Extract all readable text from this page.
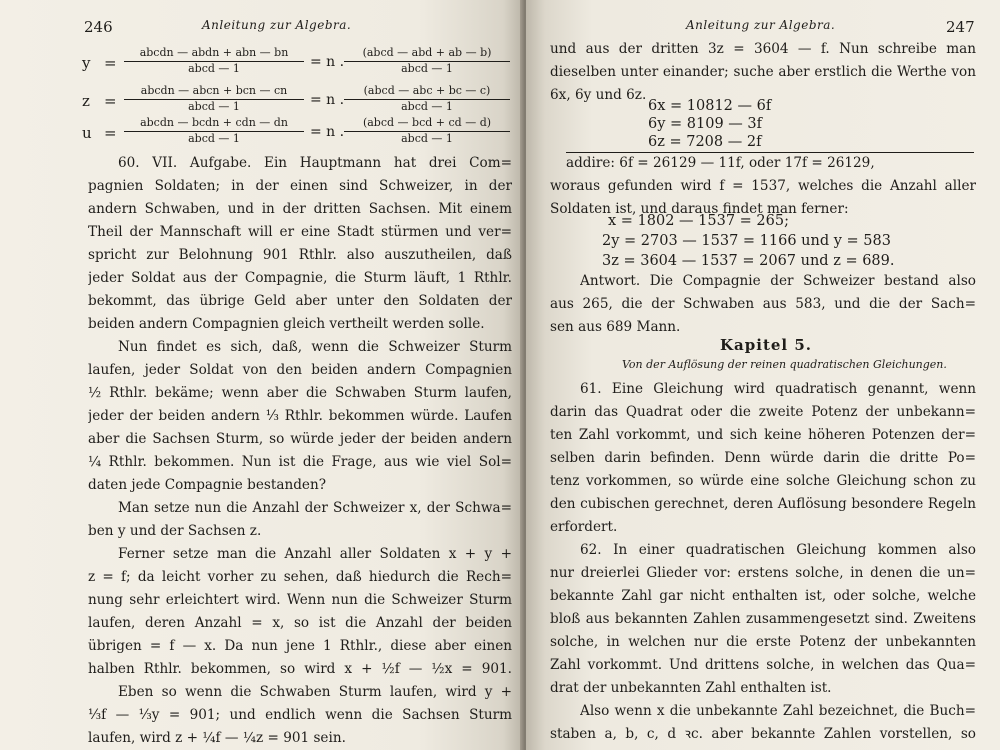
246	Anleitung zur Algebra.
y =
abcdn — abdn + abn — bn
abcd — 1	= n .
(abcd — abd + ab — b)
abcd — 1
z =
abcdn — abcn + bcn — cn
abcd — 1	= n .
(abcd — abc + bc — c)
abcd — 1
u =
abcdn — bcdn + cdn — dn
abcd — 1	= n .
(abcd — bcd + cd — d)
abcd — 1
60. VII. Aufgabe. Ein Hauptmann hat drei Com=
pagnien Soldaten; in der einen sind Schweizer, in der
andern Schwaben, und in der dritten Sachsen. Mit einem
Theil der Mannschaft will er eine Stadt stürmen und ver=
spricht zur Belohnung 901 Rthlr. also auszutheilen, daß
jeder Soldat aus der Compagnie, die Sturm läuft, 1 Rthlr.
bekommt, das übrige Geld aber unter den Soldaten der
beiden andern Compagnien gleich vertheilt werden solle.
Nun findet es sich, daß, wenn die Schweizer Sturm
laufen, jeder Soldat von den beiden andern Compagnien
½ Rthlr. bekäme; wenn aber die Schwaben Sturm laufen,
jeder der beiden andern ⅓ Rthlr. bekommen würde. Laufen
aber die Sachsen Sturm, so würde jeder der beiden andern
¼ Rthlr. bekommen. Nun ist die Frage, aus wie viel Sol=
daten jede Compagnie bestanden?
Man setze nun die Anzahl der Schweizer x, der Schwa=
ben y und der Sachsen z.
Ferner setze man die Anzahl aller Soldaten x + y +
z = f; da leicht vorher zu sehen, daß hiedurch die Rech=
nung sehr erleichtert wird. Wenn nun die Schweizer Sturm
laufen, deren Anzahl = x, so ist die Anzahl der beiden
übrigen = f — x. Da nun jene 1 Rthlr., diese aber einen
halben Rthlr. bekommen, so wird x + ½f — ½x = 901.
Eben so wenn die Schwaben Sturm laufen, wird y +
⅓f — ⅓y = 901; und endlich wenn die Sachsen Sturm
laufen, wird z + ¼f — ¼z = 901 sein.
Anleitung zur Algebra.	247
und aus der dritten 3z = 3604 — f. Nun schreibe man
dieselben unter einander; suche aber erstlich die Werthe von
6x, 6y und 6z.
6x = 10812 — 6f
6y = 8109 — 3f
6z = 7208 — 2f
addire: 6f = 26129 — 11f, oder 17f = 26129,
woraus gefunden wird f = 1537, welches die Anzahl aller
Soldaten ist, und daraus findet man ferner:
x = 1802 — 1537 = 265;
2y = 2703 — 1537 = 1166 und y = 583
3z = 3604 — 1537 = 2067 und z = 689.
Antwort. Die Compagnie der Schweizer bestand also
aus 265, die der Schwaben aus 583, und die der Sach=
sen aus 689 Mann.
Kapitel 5.
Von der Auflösung der reinen quadratischen Gleichungen.
61. Eine Gleichung wird quadratisch genannt, wenn
darin das Quadrat oder die zweite Potenz der unbekann=
ten Zahl vorkommt, und sich keine höheren Potenzen der=
selben darin befinden. Denn würde darin die dritte Po=
tenz vorkommen, so würde eine solche Gleichung schon zu
den cubischen gerechnet, deren Auflösung besondere Regeln
erfordert.
62. In einer quadratischen Gleichung kommen also
nur dreierlei Glieder vor: erstens solche, in denen die un=
bekannte Zahl gar nicht enthalten ist, oder solche, welche
bloß aus bekannten Zahlen zusammengesetzt sind. Zweitens
solche, in welchen nur die erste Potenz der unbekannten
Zahl vorkommt. Und drittens solche, in welchen das Qua=
drat der unbekannten Zahl enthalten ist.
Also wenn x die unbekannte Zahl bezeichnet, die Buch=
staben a, b, c, d ꝛc. aber bekannte Zahlen vorstellen, so
